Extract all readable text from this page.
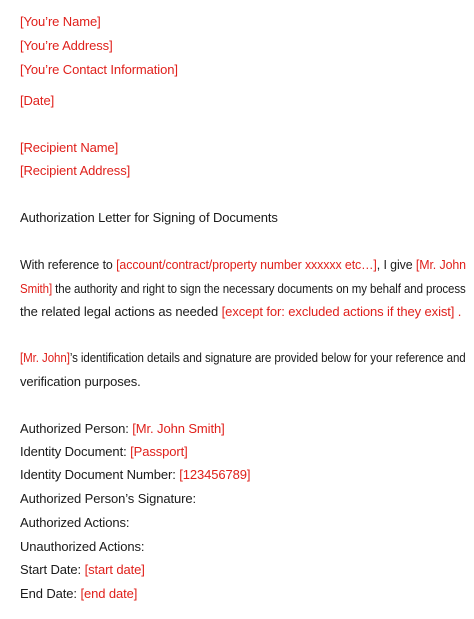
[You’re Name]
[You’re Address]
[You’re Contact Information]
[Date]
[Recipient Name]
[Recipient Address]
Authorization Letter for Signing of Documents
With reference to [account/contract/property number xxxxxx etc…], I give [Mr. John
Smith] the authority and right to sign the necessary documents on my behalf and process
the related legal actions as needed [except for: excluded actions if they exist] .
[Mr. John]’s identification details and signature are provided below for your reference and
verification purposes.
Authorized Person: [Mr. John Smith]
Identity Document: [Passport]
Identity Document Number: [123456789]
Authorized Person’s Signature:
Authorized Actions:
Unauthorized Actions:
Start Date: [start date]
End Date: [end date]
